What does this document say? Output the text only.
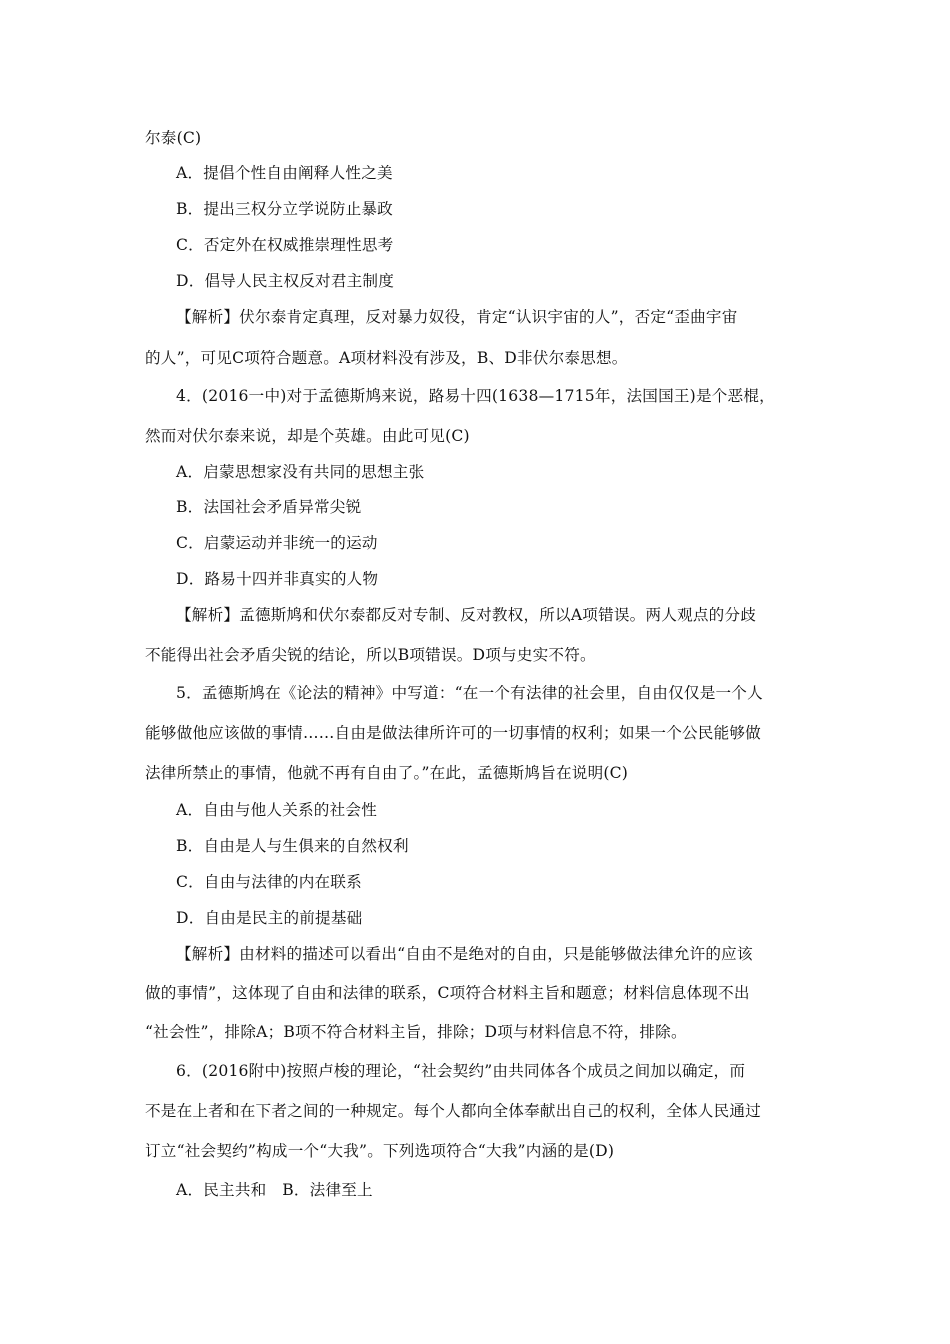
尔泰(C)
A．提倡个性自由阐释人性之美
B．提出三权分立学说防止暴政
C．否定外在权威推崇理性思考
D．倡导人民主权反对君主制度
【解析】伏尔泰肯定真理，反对暴力奴役，肯定“认识宇宙的人”，否定“歪曲宇宙
的人”，可见C项符合题意。A项材料没有涉及，B、D非伏尔泰思想。
4．(2016一中)对于孟德斯鸠来说，路易十四(1638—1715年，法国国王)是个恶棍，
然而对伏尔泰来说，却是个英雄。由此可见(C)
A．启蒙思想家没有共同的思想主张
B．法国社会矛盾异常尖锐
C．启蒙运动并非统一的运动
D．路易十四并非真实的人物
【解析】孟德斯鸠和伏尔泰都反对专制、反对教权，所以A项错误。两人观点的分歧
不能得出社会矛盾尖锐的结论，所以B项错误。D项与史实不符。
5．孟德斯鸠在《论法的精神》中写道：“在一个有法律的社会里，自由仅仅是一个人
能够做他应该做的事情……自由是做法律所许可的一切事情的权利；如果一个公民能够做
法律所禁止的事情，他就不再有自由了。”在此，孟德斯鸠旨在说明(C)
A．自由与他人关系的社会性
B．自由是人与生俱来的自然权利
C．自由与法律的内在联系
D．自由是民主的前提基础
【解析】由材料的描述可以看出“自由不是绝对的自由，只是能够做法律允许的应该
做的事情”，这体现了自由和法律的联系，C项符合材料主旨和题意；材料信息体现不出
“社会性”，排除A；B项不符合材料主旨，排除；D项与材料信息不符，排除。
6．(2016附中)按照卢梭的理论，“社会契约”由共同体各个成员之间加以确定，而
不是在上者和在下者之间的一种规定。每个人都向全体奉献出自己的权利，全体人民通过
订立“社会契约”构成一个“大我”。下列选项符合“大我”内涵的是(D)
A．民主共和　B．法律至上
